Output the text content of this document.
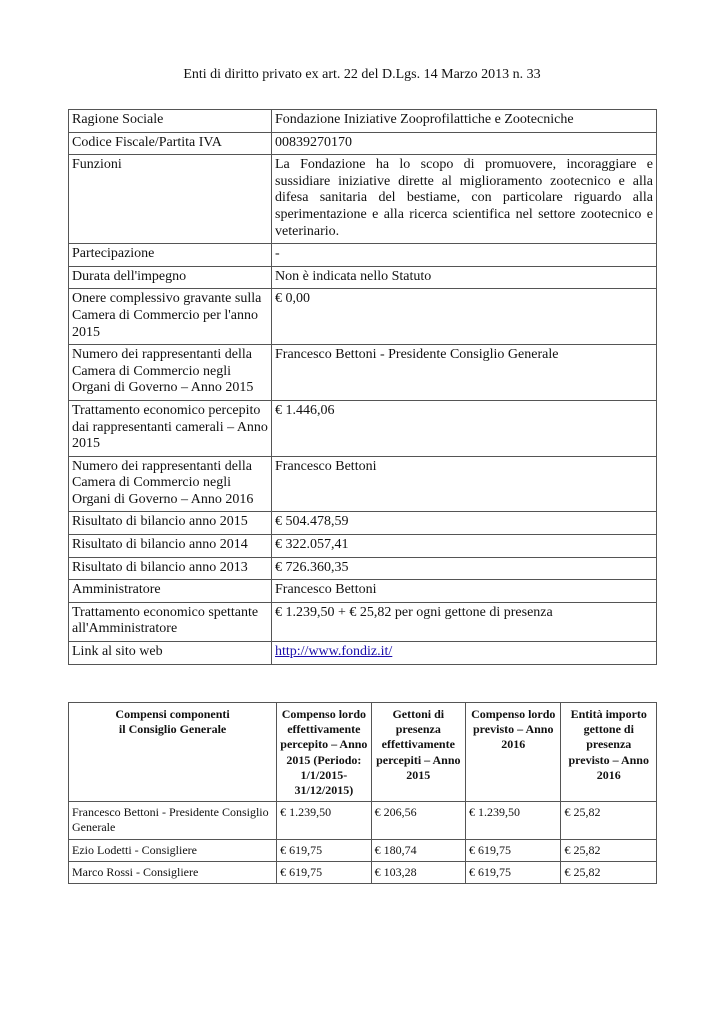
Enti di diritto privato ex art. 22 del D.Lgs. 14 Marzo 2013 n. 33
Ragione Sociale	Fondazione Iniziative Zooprofilattiche e Zootecniche
Codice Fiscale/Partita IVA	00839270170
Funzioni	La Fondazione ha lo scopo di promuovere, incoraggiare e sussidiare iniziative dirette al miglioramento zootecnico e alla difesa sanitaria del bestiame, con particolare riguardo alla sperimentazione e alla ricerca scientifica nel settore zootecnico e veterinario.
Partecipazione	-
Durata dell'impegno	Non è indicata nello Statuto
Onere complessivo gravante sulla Camera di Commercio per l'anno 2015	€ 0,00
Numero dei rappresentanti della Camera di Commercio negli Organi di Governo – Anno 2015	Francesco Bettoni - Presidente Consiglio Generale
Trattamento economico percepito dai rappresentanti camerali – Anno 2015	€ 1.446,06
Numero dei rappresentanti della Camera di Commercio negli Organi di Governo – Anno 2016	Francesco Bettoni
Risultato di bilancio anno 2015	€ 504.478,59
Risultato di bilancio anno 2014	€ 322.057,41
Risultato di bilancio anno 2013	€ 726.360,35
Amministratore	Francesco Bettoni
Trattamento economico spettante all'Amministratore	€ 1.239,50 + € 25,82 per ogni gettone di presenza
Link al sito web	http://www.fondiz.it/
Compensi componenti
il Consiglio Generale	Compenso lordo effettivamente percepito – Anno 2015 (Periodo: 1/1/2015-31/12/2015)	Gettoni di presenza effettivamente percepiti – Anno 2015	Compenso lordo previsto – Anno 2016	Entità importo gettone di presenza previsto – Anno 2016
Francesco Bettoni - Presidente Consiglio Generale	€ 1.239,50	€ 206,56	€ 1.239,50	€ 25,82
Ezio Lodetti - Consigliere	€ 619,75	€ 180,74	€ 619,75	€ 25,82
Marco Rossi - Consigliere	€ 619,75	€ 103,28	€ 619,75	€ 25,82
